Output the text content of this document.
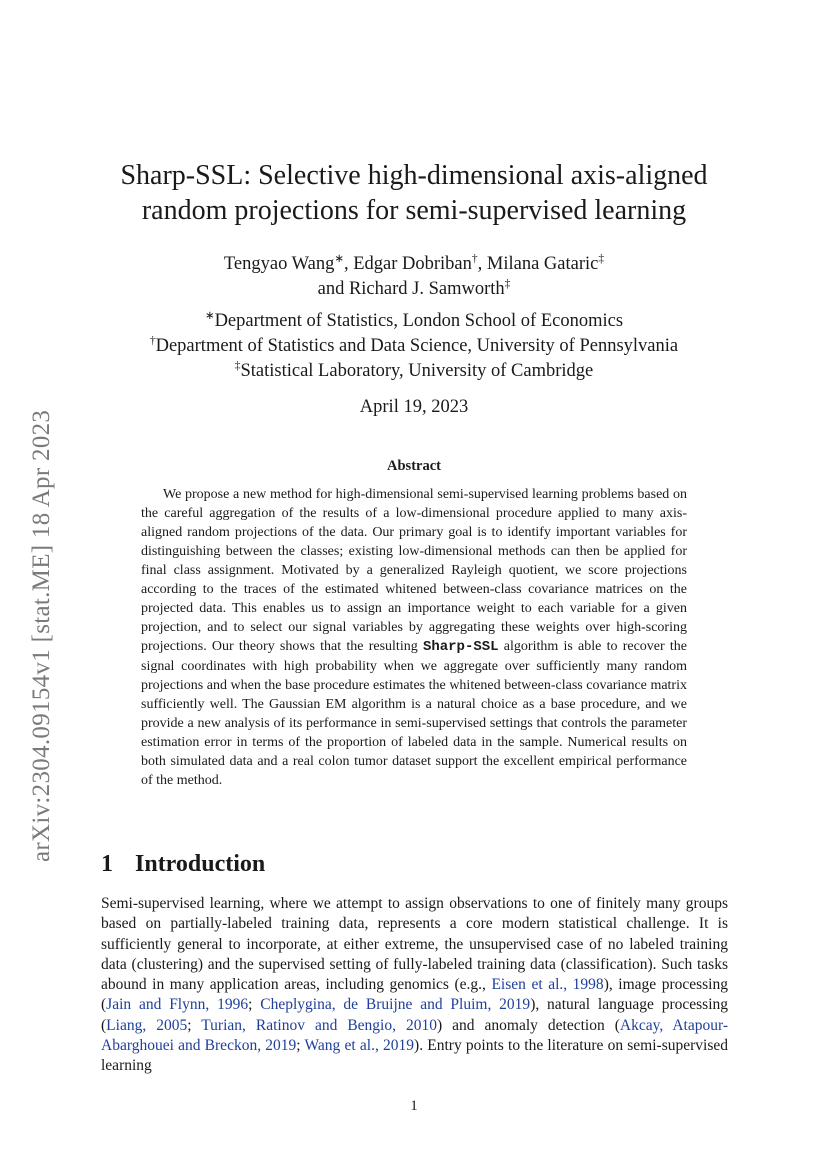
arXiv:2304.09154v1 [stat.ME] 18 Apr 2023
Sharp-SSL: Selective high-dimensional axis-aligned
random projections for semi-supervised learning
Tengyao Wang∗, Edgar Dobriban†, Milana Gataric‡
and Richard J. Samworth‡
∗Department of Statistics, London School of Economics
†Department of Statistics and Data Science, University of Pennsylvania
‡Statistical Laboratory, University of Cambridge
April 19, 2023
Abstract

We propose a new method for high-dimensional semi-supervised learning problems based on the careful aggregation of the results of a low-dimensional procedure applied to many axis-aligned random projections of the data. Our primary goal is to identify important variables for distinguishing between the classes; existing low-dimensional methods can then be applied for final class assignment. Motivated by a generalized Rayleigh quotient, we score projections according to the traces of the estimated whitened between-class covariance matrices on the projected data. This enables us to assign an importance weight to each variable for a given projection, and to select our signal variables by aggregating these weights over high-scoring projections. Our theory shows that the resulting Sharp-SSL algorithm is able to recover the signal coordinates with high probability when we aggregate over sufficiently many random projections and when the base procedure estimates the whitened between-class covariance matrix sufficiently well. The Gaussian EM algorithm is a natural choice as a base procedure, and we provide a new analysis of its performance in semi-supervised settings that controls the parameter estimation error in terms of the proportion of labeled data in the sample. Numerical results on both simulated data and a real colon tumor dataset support the excellent empirical performance of the method.

1 Introduction

Semi-supervised learning, where we attempt to assign observations to one of finitely many groups based on partially-labeled training data, represents a core modern statistical challenge. It is sufficiently general to incorporate, at either extreme, the unsupervised case of no labeled training data (clustering) and the supervised setting of fully-labeled training data (classification). Such tasks abound in many application areas, including genomics (e.g., Eisen et al., 1998), image processing (Jain and Flynn, 1996; Cheplygina, de Bruijne and Pluim, 2019), natural language processing (Liang, 2005; Turian, Ratinov and Bengio, 2010) and anomaly detection (Akcay, Atapour-Abarghouei and Breckon, 2019; Wang et al., 2019). Entry points to the literature on semi-supervised learning

1
